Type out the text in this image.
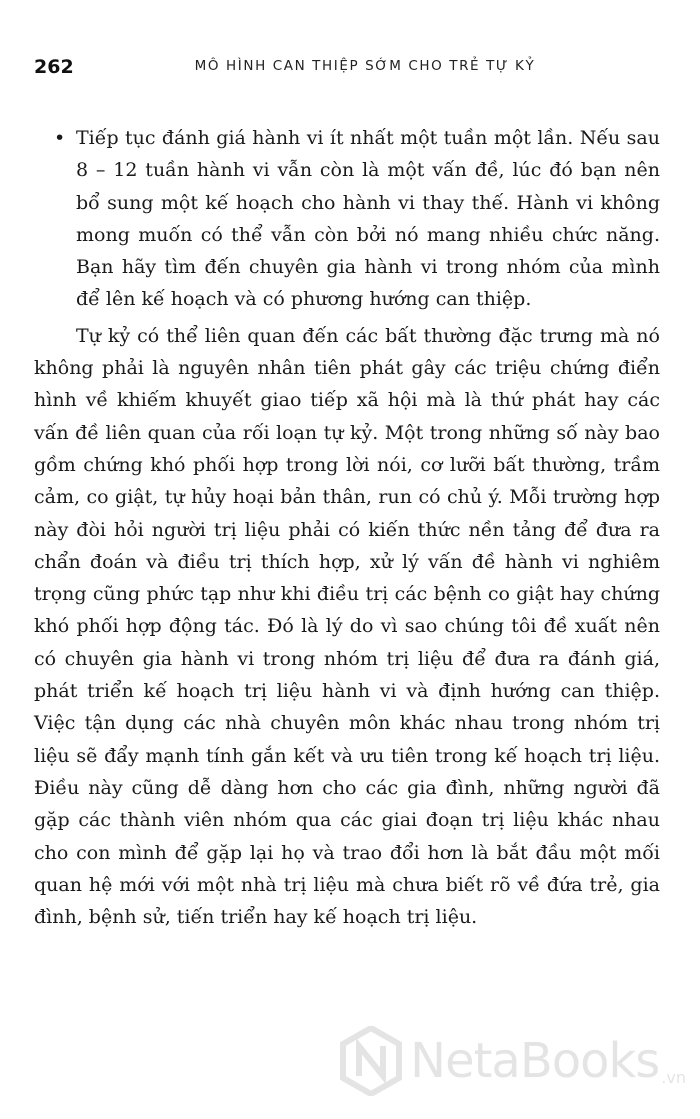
262	MÔ HÌNH CAN THIỆP SỚM CHO TRẺ TỰ KỶ
• Tiếp tục đánh giá hành vi ít nhất một tuần một lần. Nếu sau 8 – 12 tuần hành vi vẫn còn là một vấn đề, lúc đó bạn nên bổ sung một kế hoạch cho hành vi thay thế. Hành vi không mong muốn có thể vẫn còn bởi nó mang nhiều chức năng. Bạn hãy tìm đến chuyên gia hành vi trong nhóm của mình để lên kế hoạch và có phương hướng can thiệp.

Tự kỷ có thể liên quan đến các bất thường đặc trưng mà nó không phải là nguyên nhân tiên phát gây các triệu chứng điển hình về khiếm khuyết giao tiếp xã hội mà là thứ phát hay các vấn đề liên quan của rối loạn tự kỷ. Một trong những số này bao gồm chứng khó phối hợp trong lời nói, cơ lưỡi bất thường, trầm cảm, co giật, tự hủy hoại bản thân, run có chủ ý. Mỗi trường hợp này đòi hỏi người trị liệu phải có kiến thức nền tảng để đưa ra chẩn đoán và điều trị thích hợp, xử lý vấn đề hành vi nghiêm trọng cũng phức tạp như khi điều trị các bệnh co giật hay chứng khó phối hợp động tác. Đó là lý do vì sao chúng tôi đề xuất nên có chuyên gia hành vi trong nhóm trị liệu để đưa ra đánh giá, phát triển kế hoạch trị liệu hành vi và định hướng can thiệp. Việc tận dụng các nhà chuyên môn khác nhau trong nhóm trị liệu sẽ đẩy mạnh tính gắn kết và ưu tiên trong kế hoạch trị liệu. Điều này cũng dễ dàng hơn cho các gia đình, những người đã gặp các thành viên nhóm qua các giai đoạn trị liệu khác nhau cho con mình để gặp lại họ và trao đổi hơn là bắt đầu một mối quan hệ mới với một nhà trị liệu mà chưa biết rõ về đứa trẻ, gia đình, bệnh sử, tiến triển hay kế hoạch trị liệu.

NetaBooks .vn
